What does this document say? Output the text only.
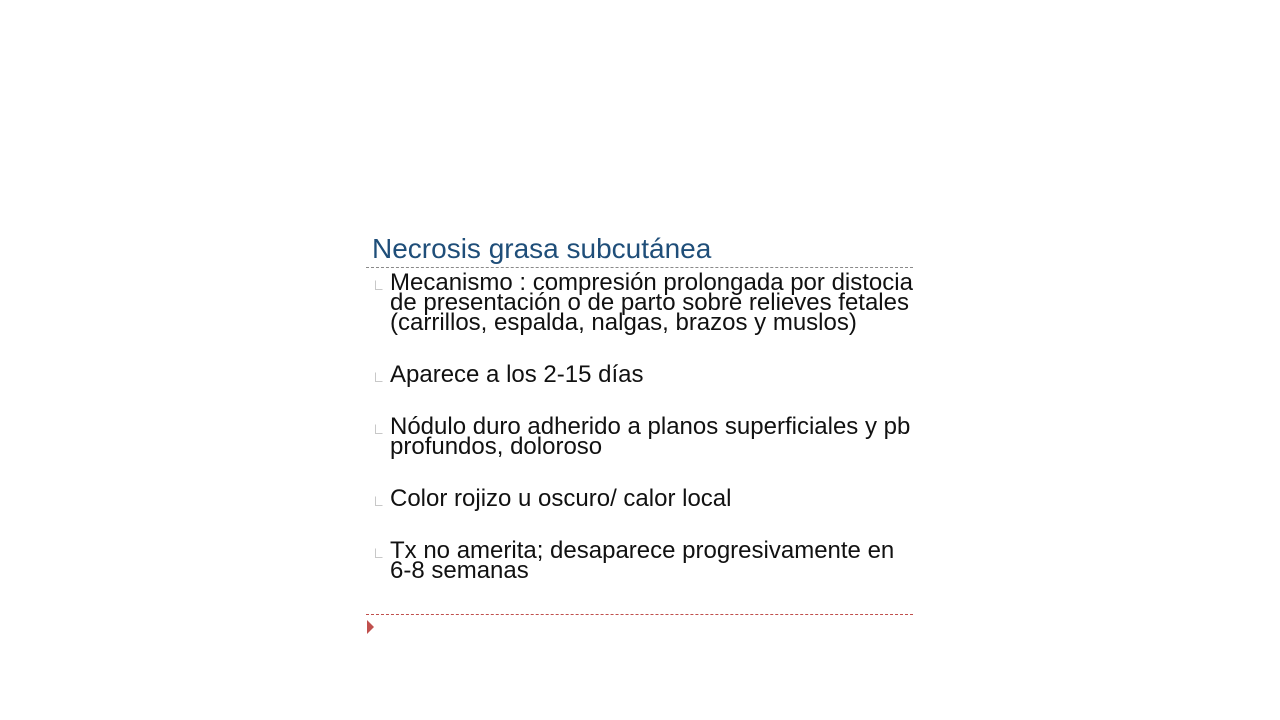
Necrosis grasa subcutánea
Mecanismo : compresión prolongada por distocia de presentación o de parto sobre relieves fetales (carrillos, espalda, nalgas, brazos y muslos)
Aparece a los 2-15 días
Nódulo duro adherido a planos superficiales y pb profundos, doloroso
Color rojizo u oscuro/ calor local
Tx no amerita; desaparece progresivamente en 6-8 semanas
